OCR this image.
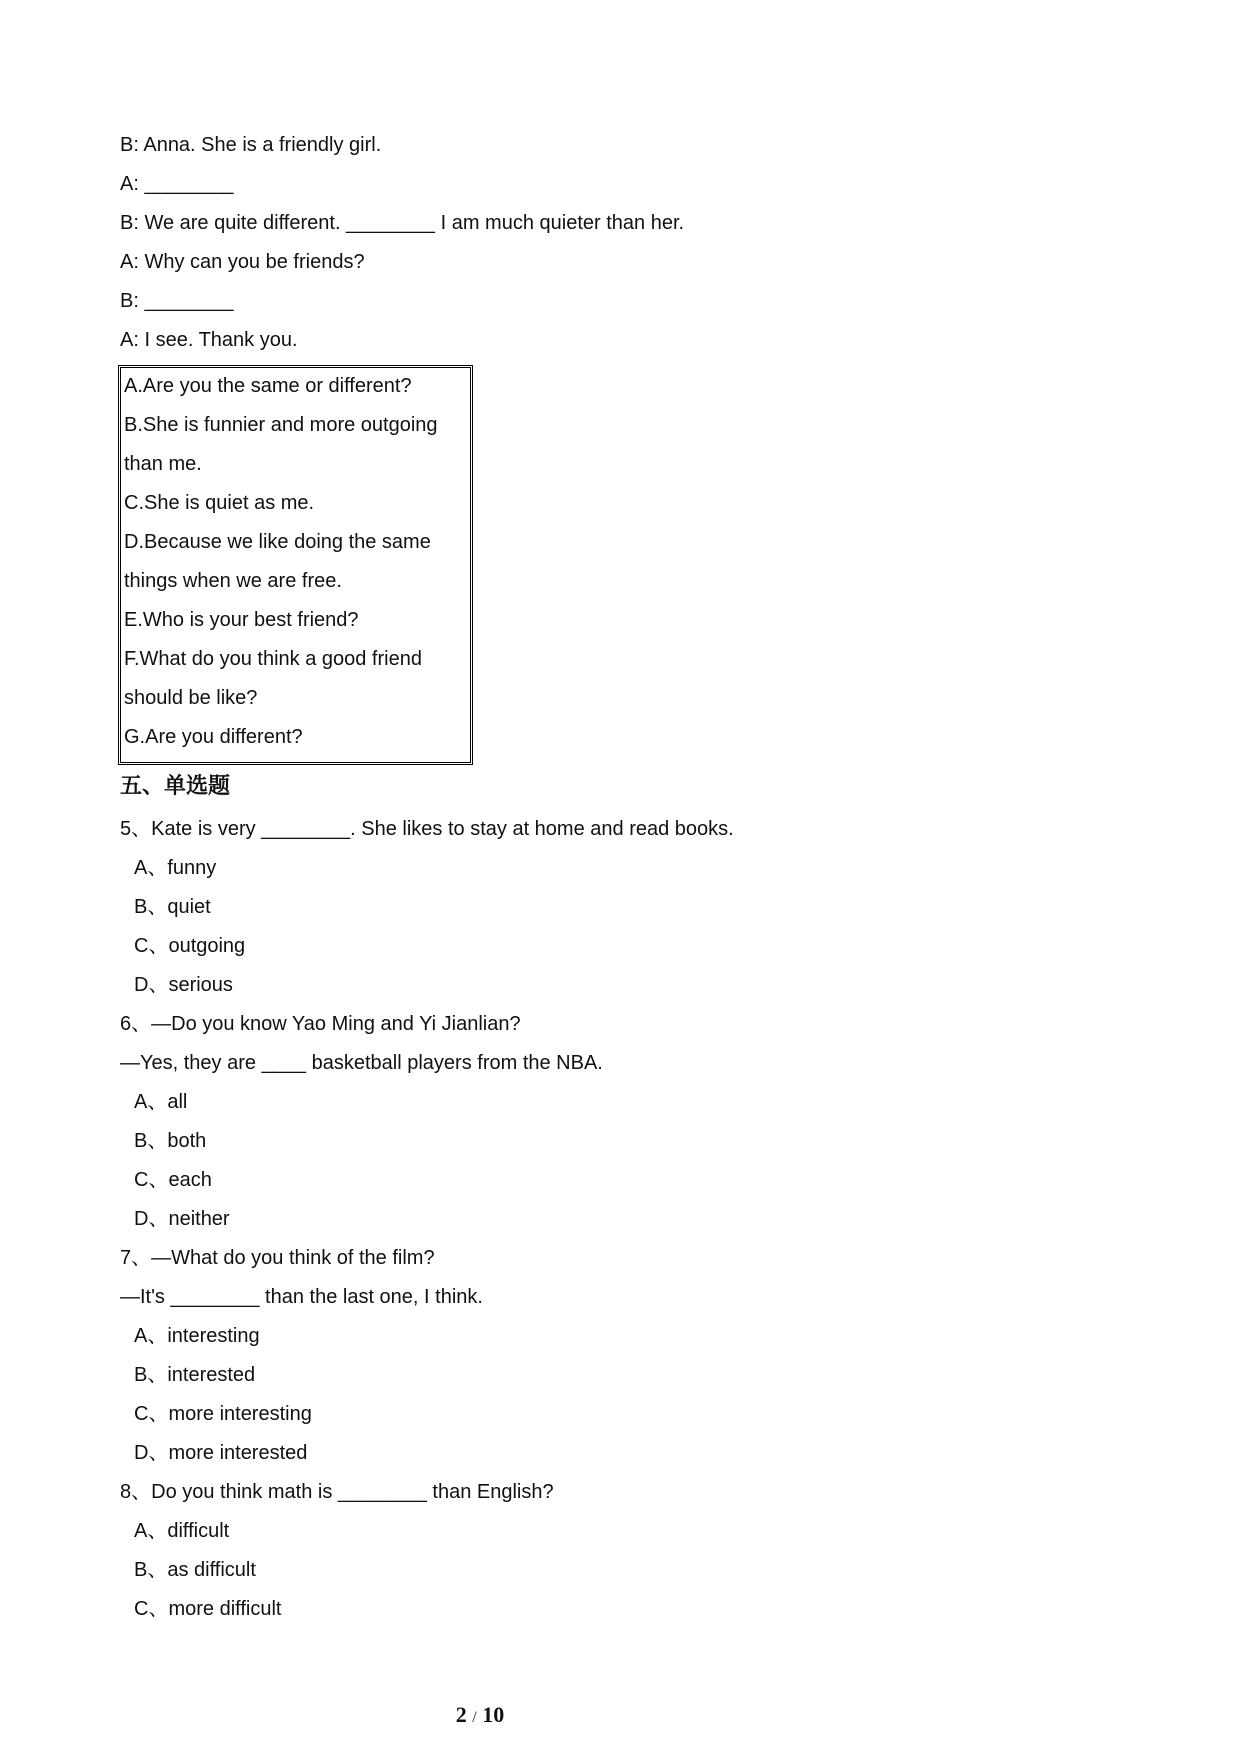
B: Anna. She is a friendly girl.
A: ________
B: We are quite different. ________ I am much quieter than her.
A: Why can you be friends?
B: ________
A: I see. Thank you.
A.Are you the same or different?
B.She is funnier and more outgoing
than me.
C.She is quiet as me.
D.Because we like doing the same
things when we are free.
E.Who is your best friend?
F.What do you think a good friend
should be like?
G.Are you different?
五、单选题
5、Kate is very ________. She likes to stay at home and read books.
A、funny
B、quiet
C、outgoing
D、serious
6、—Do you know Yao Ming and Yi Jianlian?
—Yes, they are ____ basketball players from the NBA.
A、all
B、both
C、each
D、neither
7、—What do you think of the film?
—It's ________ than the last one, I think.
A、interesting
B、interested
C、more interesting
D、more interested
8、Do you think math is ________ than English?
A、difficult
B、as difficult
C、more difficult
2 / 10
